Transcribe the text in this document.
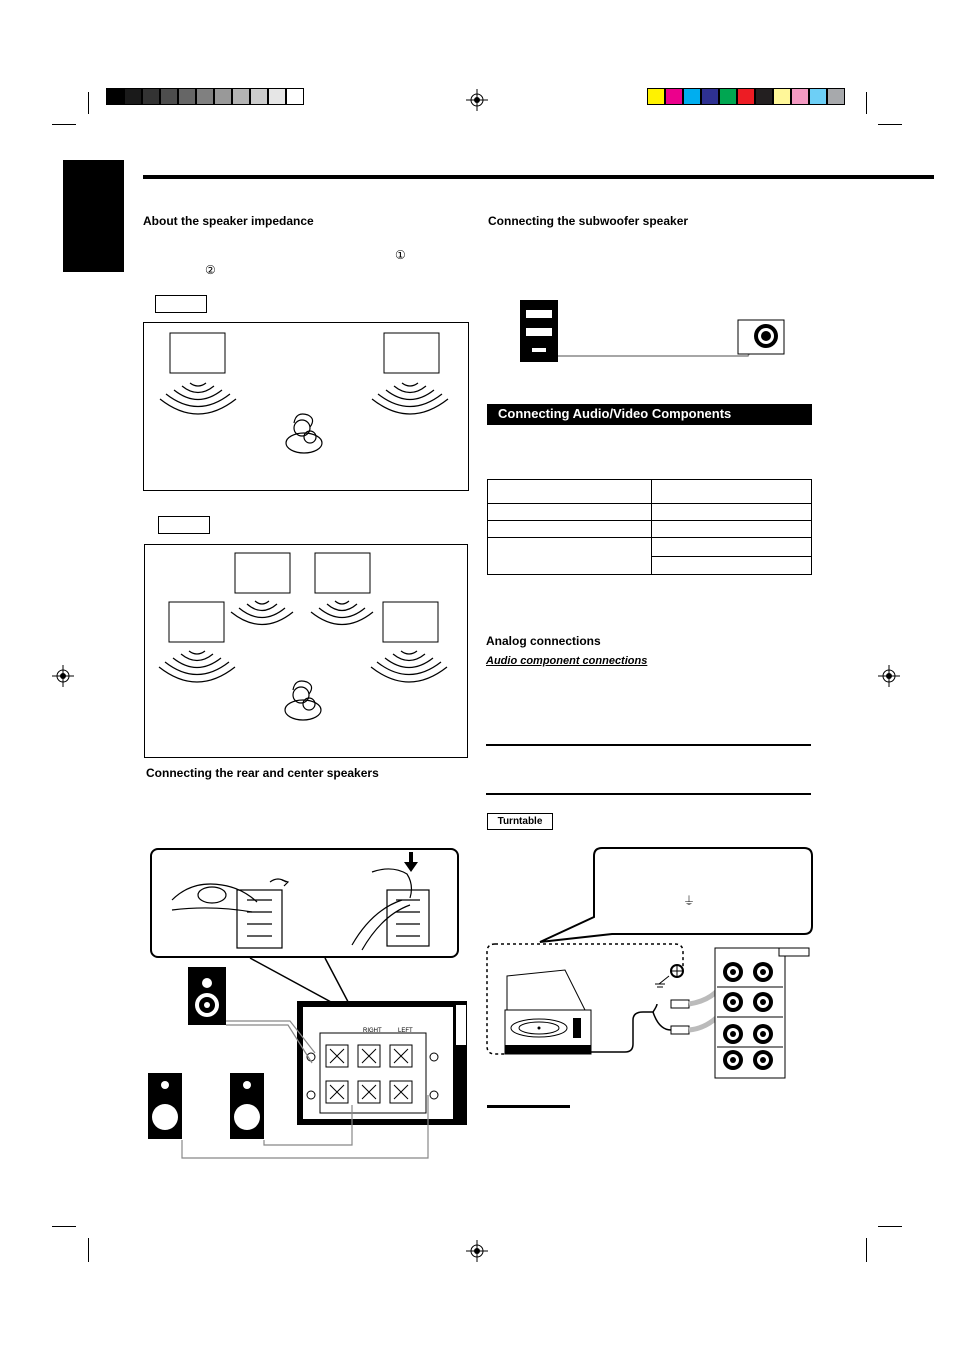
About the speaker impedance
①
②
Connecting the rear and center speakers
RIGHT	LEFT
Connecting the subwoofer speaker
Connecting Audio/Video Components

Analog connections
Audio component connections
Turntable
⏚
